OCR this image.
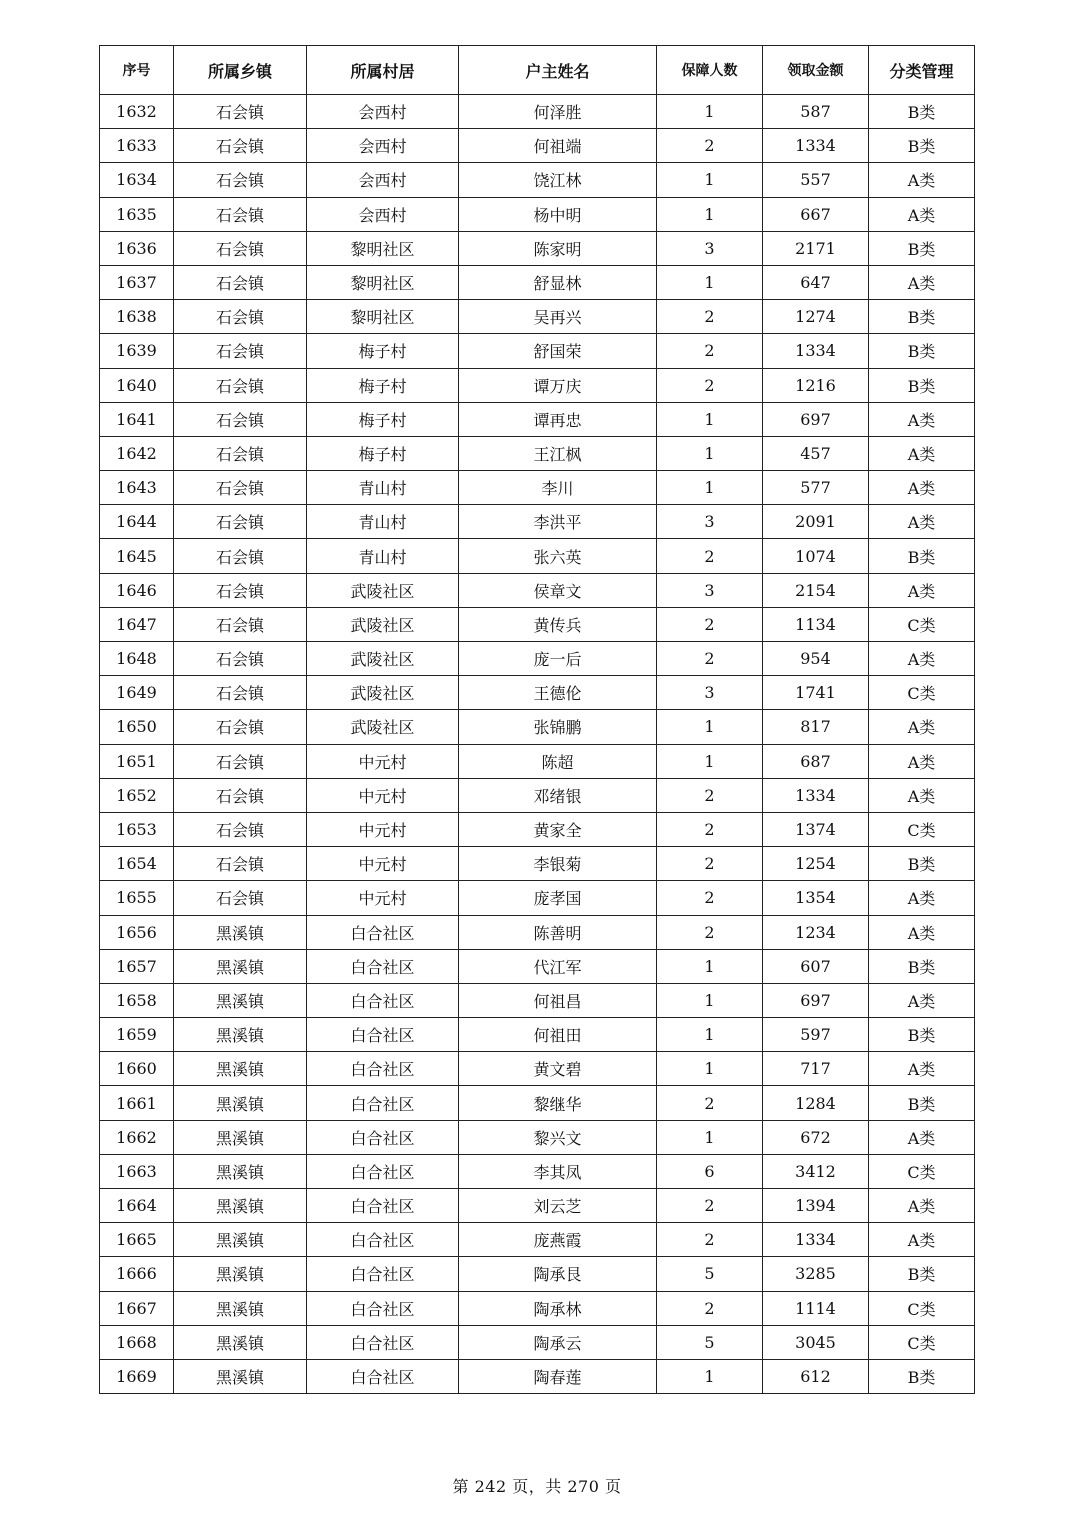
序号	所属乡镇	所属村居	户主姓名	保障人数	领取金额	分类管理
1632	石会镇	会西村	何泽胜	1	587	B类
1633	石会镇	会西村	何祖端	2	1334	B类
1634	石会镇	会西村	饶江林	1	557	A类
1635	石会镇	会西村	杨中明	1	667	A类
1636	石会镇	黎明社区	陈家明	3	2171	B类
1637	石会镇	黎明社区	舒显林	1	647	A类
1638	石会镇	黎明社区	吴再兴	2	1274	B类
1639	石会镇	梅子村	舒国荣	2	1334	B类
1640	石会镇	梅子村	谭万庆	2	1216	B类
1641	石会镇	梅子村	谭再忠	1	697	A类
1642	石会镇	梅子村	王江枫	1	457	A类
1643	石会镇	青山村	李川	1	577	A类
1644	石会镇	青山村	李洪平	3	2091	A类
1645	石会镇	青山村	张六英	2	1074	B类
1646	石会镇	武陵社区	侯章文	3	2154	A类
1647	石会镇	武陵社区	黄传兵	2	1134	C类
1648	石会镇	武陵社区	庞一后	2	954	A类
1649	石会镇	武陵社区	王德伦	3	1741	C类
1650	石会镇	武陵社区	张锦鹏	1	817	A类
1651	石会镇	中元村	陈超	1	687	A类
1652	石会镇	中元村	邓绪银	2	1334	A类
1653	石会镇	中元村	黄家全	2	1374	C类
1654	石会镇	中元村	李银菊	2	1254	B类
1655	石会镇	中元村	庞孝国	2	1354	A类
1656	黑溪镇	白合社区	陈善明	2	1234	A类
1657	黑溪镇	白合社区	代江军	1	607	B类
1658	黑溪镇	白合社区	何祖昌	1	697	A类
1659	黑溪镇	白合社区	何祖田	1	597	B类
1660	黑溪镇	白合社区	黄文碧	1	717	A类
1661	黑溪镇	白合社区	黎继华	2	1284	B类
1662	黑溪镇	白合社区	黎兴文	1	672	A类
1663	黑溪镇	白合社区	李其凤	6	3412	C类
1664	黑溪镇	白合社区	刘云芝	2	1394	A类
1665	黑溪镇	白合社区	庞燕霞	2	1334	A类
1666	黑溪镇	白合社区	陶承艮	5	3285	B类
1667	黑溪镇	白合社区	陶承林	2	1114	C类
1668	黑溪镇	白合社区	陶承云	5	3045	C类
1669	黑溪镇	白合社区	陶春莲	1	612	B类
第 242 页，共 270 页
